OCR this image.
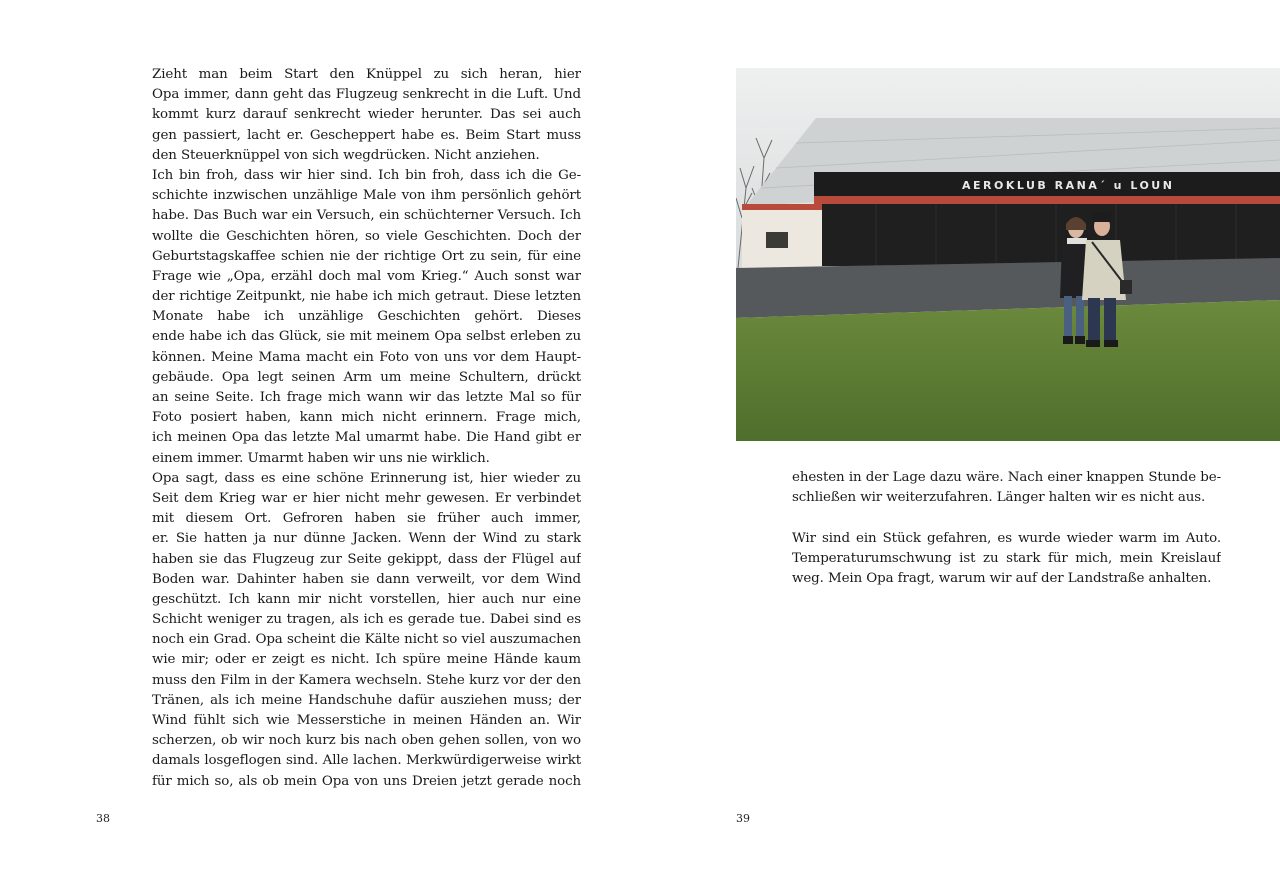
Zieht man beim Start den Knüppel zu sich heran, hier
Opa immer, dann geht das Flugzeug senkrecht in die Luft. Und
kommt kurz darauf senkrecht wieder herunter. Das sei auch
gen passiert, lacht er. Gescheppert habe es. Beim Start muss
den Steuerknüppel von sich wegdrücken. Nicht anziehen.
Ich bin froh, dass wir hier sind. Ich bin froh, dass ich die Ge-
schichte inzwischen unzählige Male von ihm persönlich gehört
habe. Das Buch war ein Versuch, ein schüchterner Versuch. Ich
wollte die Geschichten hören, so viele Geschichten. Doch der
Geburtstagskaffee schien nie der richtige Ort zu sein, für eine
Frage wie „Opa, erzähl doch mal vom Krieg.“ Auch sonst war
der richtige Zeitpunkt, nie habe ich mich getraut. Diese letzten
Monate habe ich unzählige Geschichten gehört. Dieses
ende habe ich das Glück, sie mit meinem Opa selbst erleben zu
können. Meine Mama macht ein Foto von uns vor dem Haupt-
gebäude. Opa legt seinen Arm um meine Schultern, drückt
an seine Seite. Ich frage mich wann wir das letzte Mal so für
Foto posiert haben, kann mich nicht erinnern. Frage mich,
ich meinen Opa das letzte Mal umarmt habe. Die Hand gibt er
einem immer. Umarmt haben wir uns nie wirklich.
Opa sagt, dass es eine schöne Erinnerung ist, hier wieder zu
Seit dem Krieg war er hier nicht mehr gewesen. Er verbindet
mit diesem Ort. Gefroren haben sie früher auch immer,
er. Sie hatten ja nur dünne Jacken. Wenn der Wind zu stark
haben sie das Flugzeug zur Seite gekippt, dass der Flügel auf
Boden war. Dahinter haben sie dann verweilt, vor dem Wind
geschützt. Ich kann mir nicht vorstellen, hier auch nur eine
Schicht weniger zu tragen, als ich es gerade tue. Dabei sind es
noch ein Grad. Opa scheint die Kälte nicht so viel auszumachen
wie mir; oder er zeigt es nicht. Ich spüre meine Hände kaum
muss den Film in der Kamera wechseln. Stehe kurz vor der den
Tränen, als ich meine Handschuhe dafür ausziehen muss; der
Wind fühlt sich wie Messerstiche in meinen Händen an. Wir
scherzen, ob wir noch kurz bis nach oben gehen sollen, von wo
damals losgeflogen sind. Alle lachen. Merkwürdigerweise wirkt
für mich so, als ob mein Opa von uns Dreien jetzt gerade noch
38
AEROKLUB RANA´ u LOUN
ehesten in der Lage dazu wäre. Nach einer knappen Stunde be-
schließen wir weiterzufahren. Länger halten wir es nicht aus.
Wir sind ein Stück gefahren, es wurde wieder warm im Auto.
Temperaturumschwung ist zu stark für mich, mein Kreislauf
weg. Mein Opa fragt, warum wir auf der Landstraße anhalten.
39
